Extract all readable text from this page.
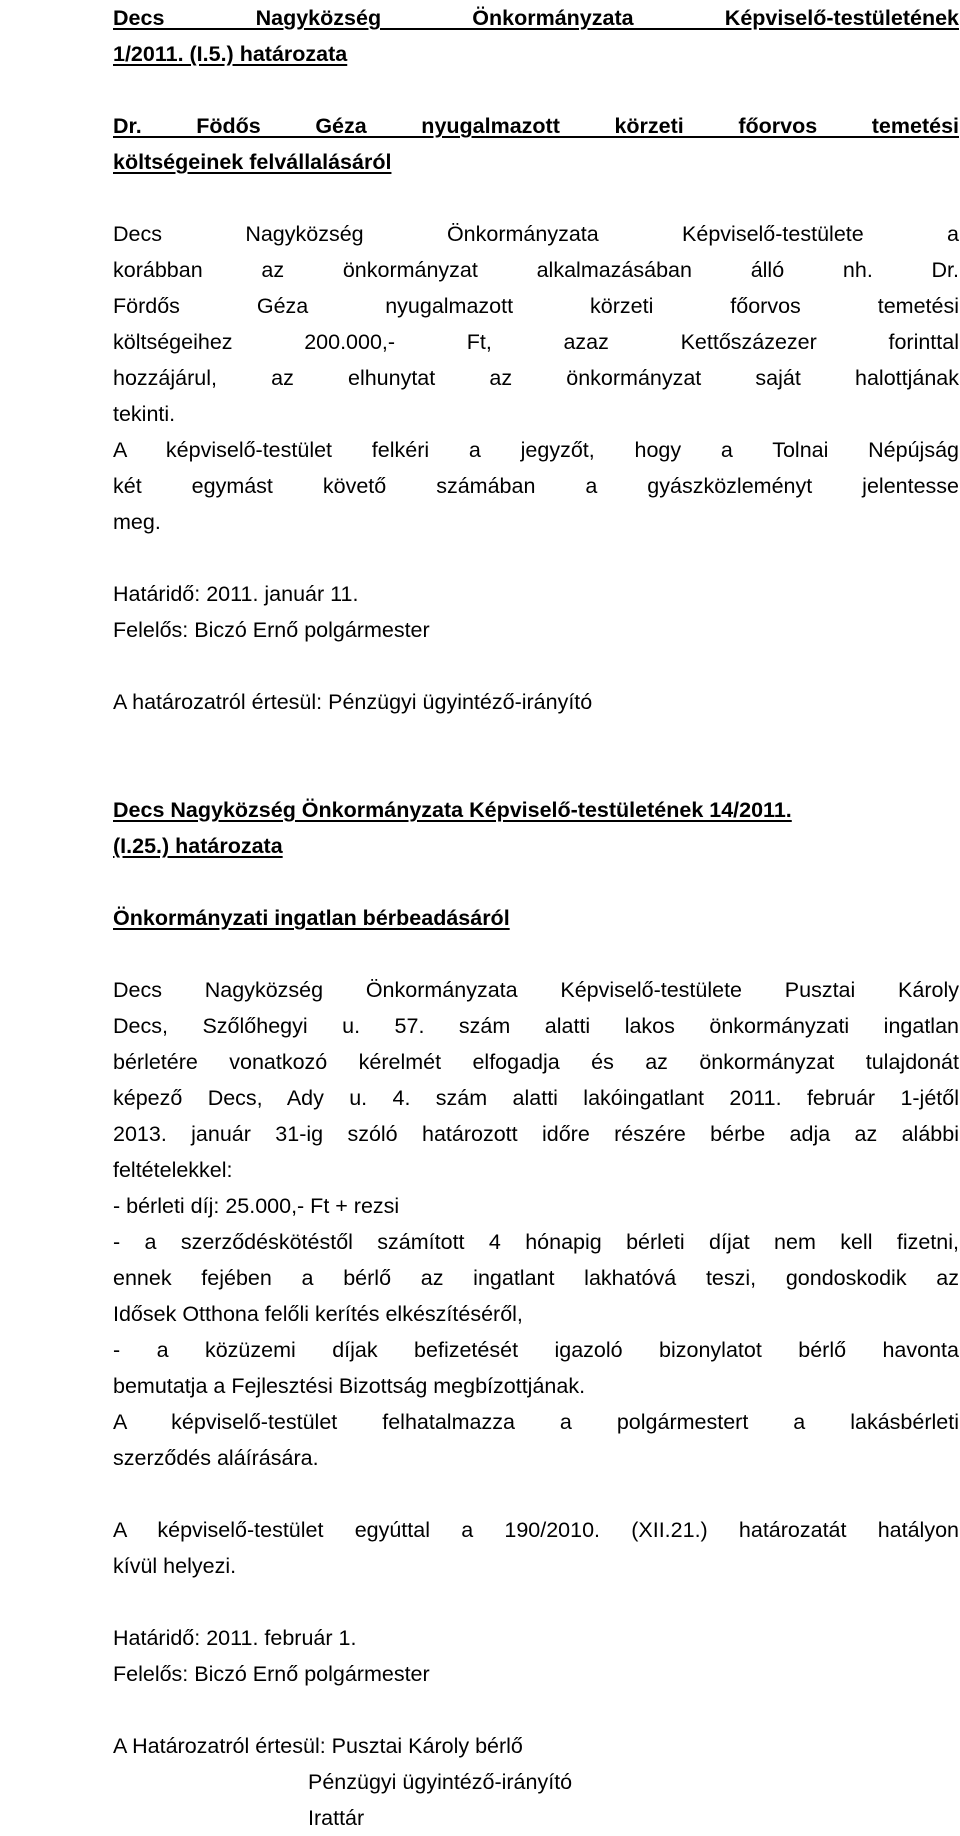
Decs Nagyközség Önkormányzata Képviselő-testületének
1/2011. (I.5.) határozata
Dr. Födős Géza nyugalmazott körzeti főorvos temetési
költségeinek felvállalásáról
Decs Nagyközség Önkormányzata Képviselő-testülete a
korábban az önkormányzat alkalmazásában álló nh. Dr.
Fördős Géza nyugalmazott körzeti főorvos temetési
költségeihez 200.000,- Ft, azaz Kettőszázezer forinttal
hozzájárul, az elhunytat az önkormányzat saját halottjának
tekinti.
A képviselő-testület felkéri a jegyzőt, hogy a Tolnai Népújság
két egymást követő számában a gyászközleményt jelentesse
meg.
Határidő: 2011. január 11.
Felelős: Biczó Ernő polgármester
A határozatról értesül: Pénzügyi ügyintéző-irányító
Decs Nagyközség Önkormányzata Képviselő-testületének 14/2011.
(I.25.) határozata
Önkormányzati ingatlan bérbeadásáról
Decs Nagyközség Önkormányzata Képviselő-testülete Pusztai Károly
Decs, Szőlőhegyi u. 57. szám alatti lakos önkormányzati ingatlan
bérletére vonatkozó kérelmét elfogadja és az önkormányzat tulajdonát
képező Decs, Ady u. 4. szám alatti lakóingatlant 2011. február 1-jétől
2013. január 31-ig szóló határozott időre részére bérbe adja az alábbi
feltételekkel:
- bérleti díj: 25.000,- Ft + rezsi
- a szerződéskötéstől számított 4 hónapig bérleti díjat nem kell fizetni,
ennek fejében a bérlő az ingatlant lakhatóvá teszi, gondoskodik az
Idősek Otthona felőli kerítés elkészítéséről,
- a közüzemi díjak befizetését igazoló bizonylatot bérlő havonta
bemutatja a Fejlesztési Bizottság megbízottjának.
A képviselő-testület felhatalmazza a polgármestert a lakásbérleti
szerződés aláírására.
A képviselő-testület egyúttal a 190/2010. (XII.21.) határozatát hatályon
kívül helyezi.
Határidő: 2011. február 1.
Felelős: Biczó Ernő polgármester
A Határozatról értesül: Pusztai Károly bérlő
Pénzügyi ügyintéző-irányító
Irattár
